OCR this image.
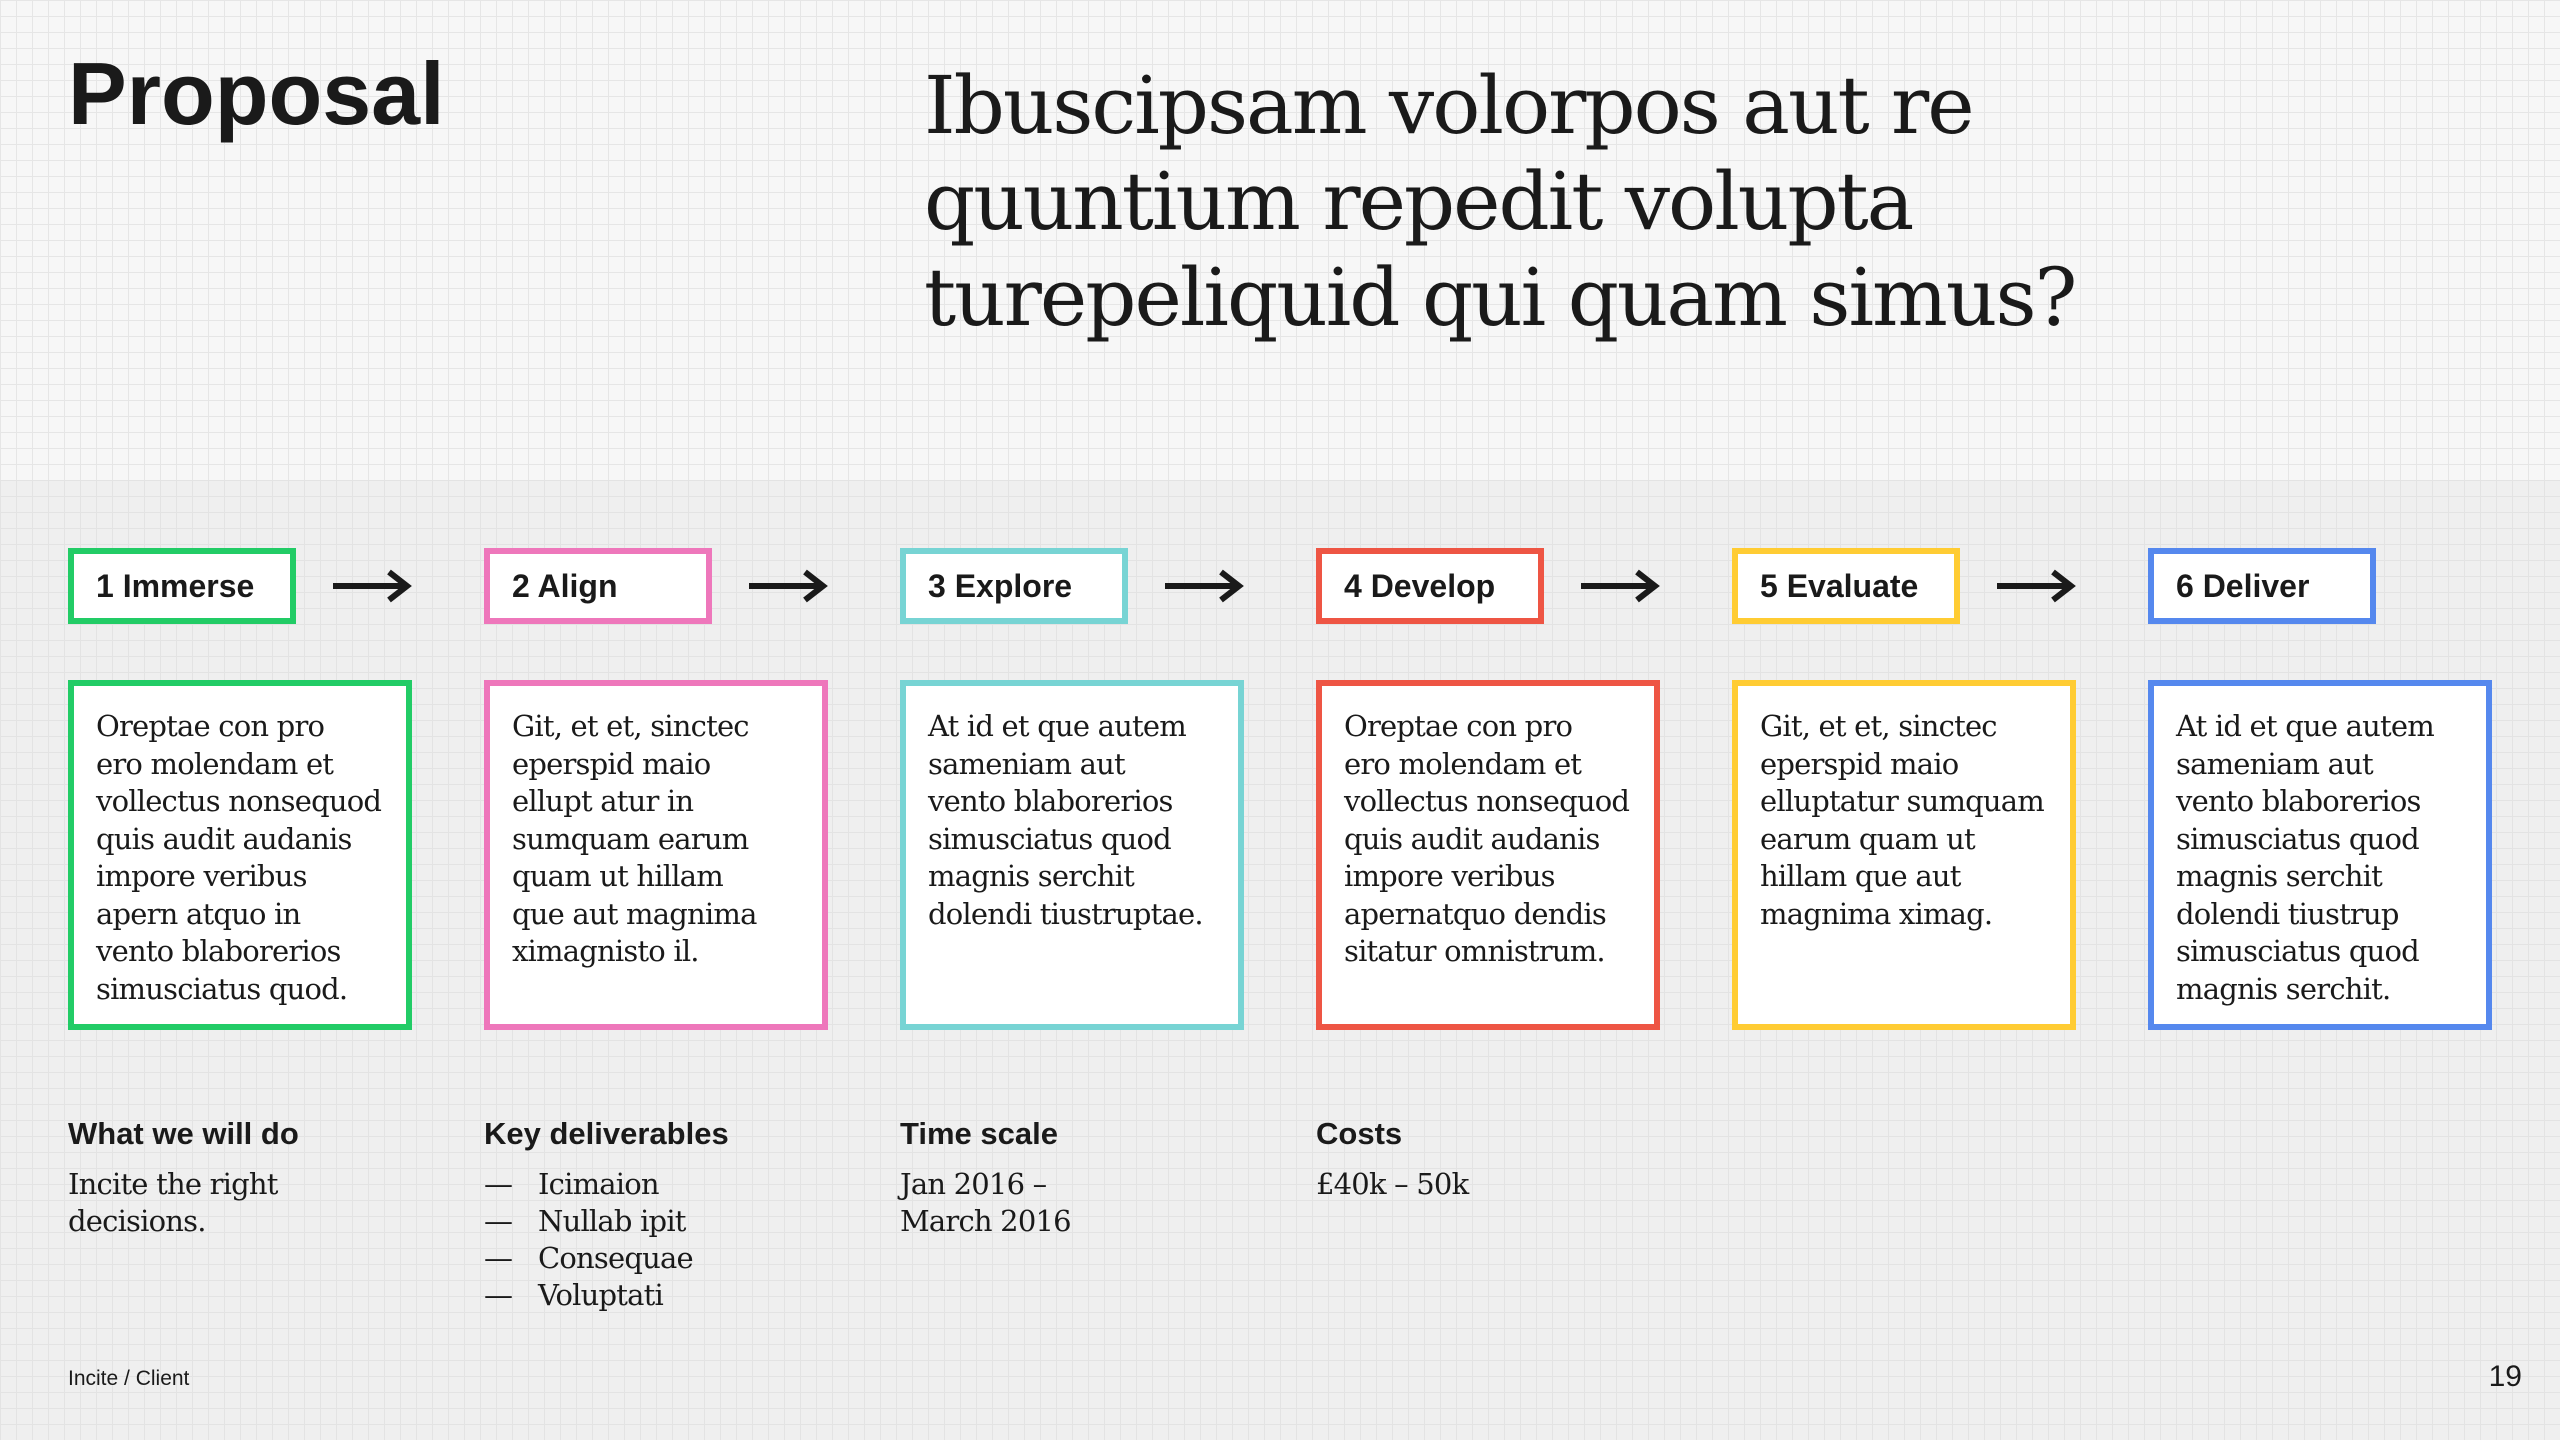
Proposal	Ibuscipsam volorpos aut re
quuntium repedit volupta
turepeliquid qui quam simus?
1 Immerse	2 Align	3 Explore	4 Develop	5 Evaluate	6 Deliver
Oreptae con pro
ero molendam et
vollectus nonsequod
quis audit audanis
impore veribus
apern atquo in
vento blaborerios
simusciatus quod.
Git, et et, sinctec
eperspid maio
ellupt atur in
sumquam earum
quam ut hillam
que aut magnima
ximagnisto il.
At id et que autem
sameniam aut
vento blaborerios
simusciatus quod
magnis serchit
dolendi tiustruptae.
Oreptae con pro
ero molendam et
vollectus nonsequod
quis audit audanis
impore veribus
apernatquo dendis
sitatur omnistrum.
Git, et et, sinctec
eperspid maio
elluptatur sumquam
earum quam ut
hillam que aut
magnima ximag.
At id et que autem
sameniam aut
vento blaborerios
simusciatus quod
magnis serchit
dolendi tiustrup
simusciatus quod
magnis serchit.
What we will do
Incite the right
decisions.
Key deliverables
— Icimaion
— Nullab ipit
— Consequae
— Voluptati
Time scale
Jan 2016 –
March 2016
Costs
£40k – 50k
Incite / Client	19
